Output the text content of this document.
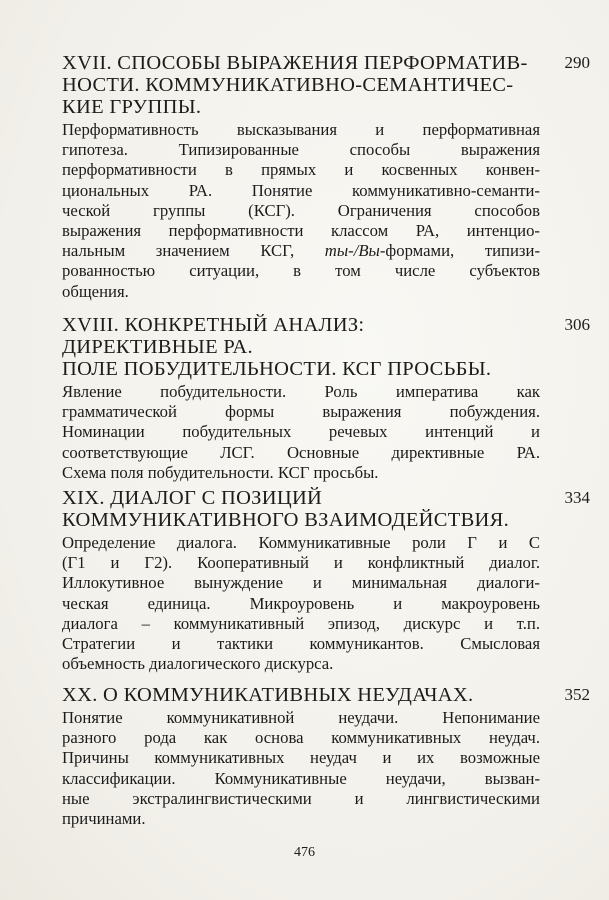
XVII. СПОСОБЫ ВЫРАЖЕНИЯ ПЕРФОРМАТИВ-
НОСТИ. КОММУНИКАТИВНО-СЕМАНТИЧЕС-
КИЕ ГРУППЫ.
Перформативность высказывания и перформативная
гипотеза. Типизированные способы выражения
перформативности в прямых и косвенных конвен-
циональных РА. Понятие коммуникативно-семанти-
ческой группы (КСГ). Ограничения способов
выражения перформативности классом РА, интенцио-
нальным значением КСГ, ты-/Вы-формами, типизи-
рованностью ситуации, в том числе субъектов
общения.
290
XVIII. КОНКРЕТНЫЙ АНАЛИЗ:
ДИРЕКТИВНЫЕ РА.
ПОЛЕ ПОБУДИТЕЛЬНОСТИ. КСГ ПРОСЬБЫ.
Явление побудительности. Роль императива как
грамматической формы выражения побуждения.
Номинации побудительных речевых интенций и
соответствующие ЛСГ. Основные директивные РА.
Схема поля побудительности. КСГ просьбы.
306
XIX. ДИАЛОГ С ПОЗИЦИЙ
КОММУНИКАТИВНОГО ВЗАИМОДЕЙСТВИЯ.
Определение диалога. Коммуникативные роли Г и С
(Г1 и Г2). Кооперативный и конфликтный диалог.
Иллокутивное вынуждение и минимальная диалоги-
ческая единица. Микроуровень и макроуровень
диалога – коммуникативный эпизод, дискурс и т.п.
Стратегии и тактики коммуникантов. Смысловая
объемность диалогического дискурса.
334
XX. О КОММУНИКАТИВНЫХ НЕУДАЧАХ.
Понятие коммуникативной неудачи. Непонимание
разного рода как основа коммуникативных неудач.
Причины коммуникативных неудач и их возможные
классификации. Коммуникативные неудачи, вызван-
ные экстралингвистическими и лингвистическими
причинами.
352
476
